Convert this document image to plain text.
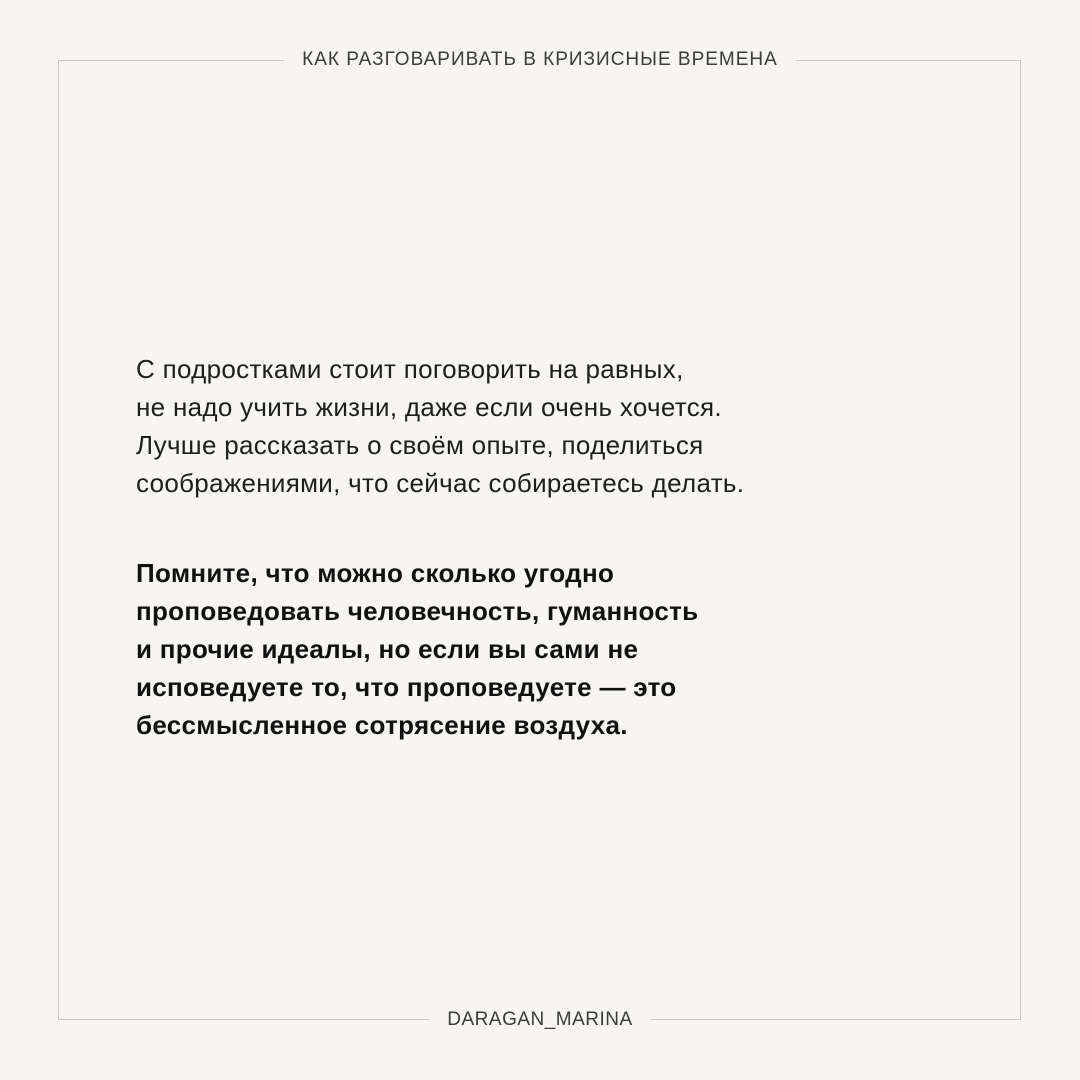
КАК РАЗГОВАРИВАТЬ В КРИЗИСНЫЕ ВРЕМЕНА

С подростками стоит поговорить на равных,
не надо учить жизни, даже если очень хочется.
Лучше рассказать о своём опыте, поделиться
соображениями, что сейчас собираетесь делать.

Помните, что можно сколько угодно
проповедовать человечность, гуманность
и прочие идеалы, но если вы сами не
исповедуете то, что проповедуете — это
бессмысленное сотрясение воздуха.

DARAGAN_MARINA
